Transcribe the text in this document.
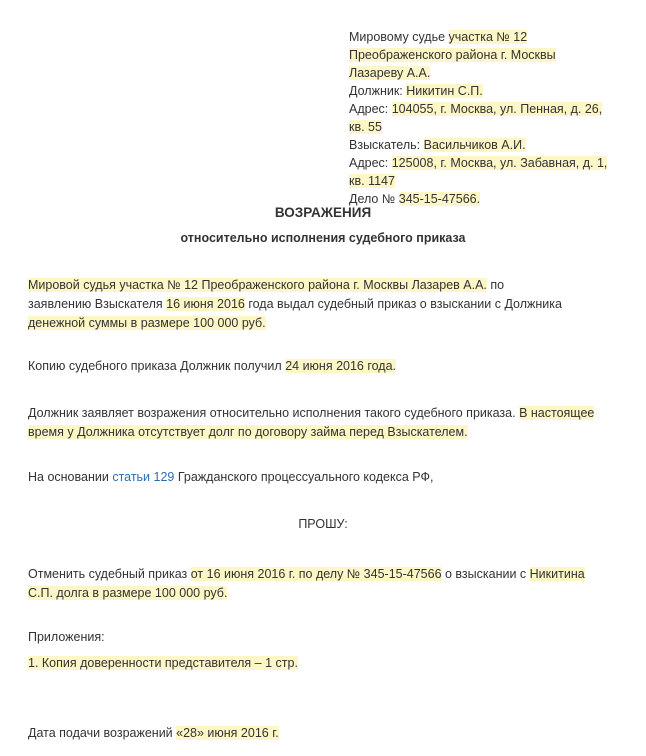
Мировому судье участка № 12
Преображенского района г. Москвы
Лазареву А.А.
Должник: Никитин С.П.
Адрес: 104055, г. Москва, ул. Пенная, д. 26,
кв. 55
Взыскатель: Васильчиков А.И.
Адрес: 125008, г. Москва, ул. Забавная, д. 1,
кв. 1147
Дело № 345-15-47566.
ВОЗРАЖЕНИЯ
относительно исполнения судебного приказа
Мировой судья участка № 12 Преображенского района г. Москвы Лазарев А.А. по
заявлению Взыскателя 16 июня 2016 года выдал судебный приказ о взыскании с Должника
денежной суммы в размере 100 000 руб.
Копию судебного приказа Должник получил 24 июня 2016 года.
Должник заявляет возражения относительно исполнения такого судебного приказа. В настоящее
время у Должника отсутствует долг по договору займа перед Взыскателем.
На основании статьи 129 Гражданского процессуального кодекса РФ,
ПРОШУ:
Отменить судебный приказ от 16 июня 2016 г. по делу № 345-15-47566 о взыскании с Никитина
С.П. долга в размере 100 000 руб.
Приложения:
1. Копия доверенности представителя – 1 стр.
Дата подачи возражений «28» июня 2016 г.
